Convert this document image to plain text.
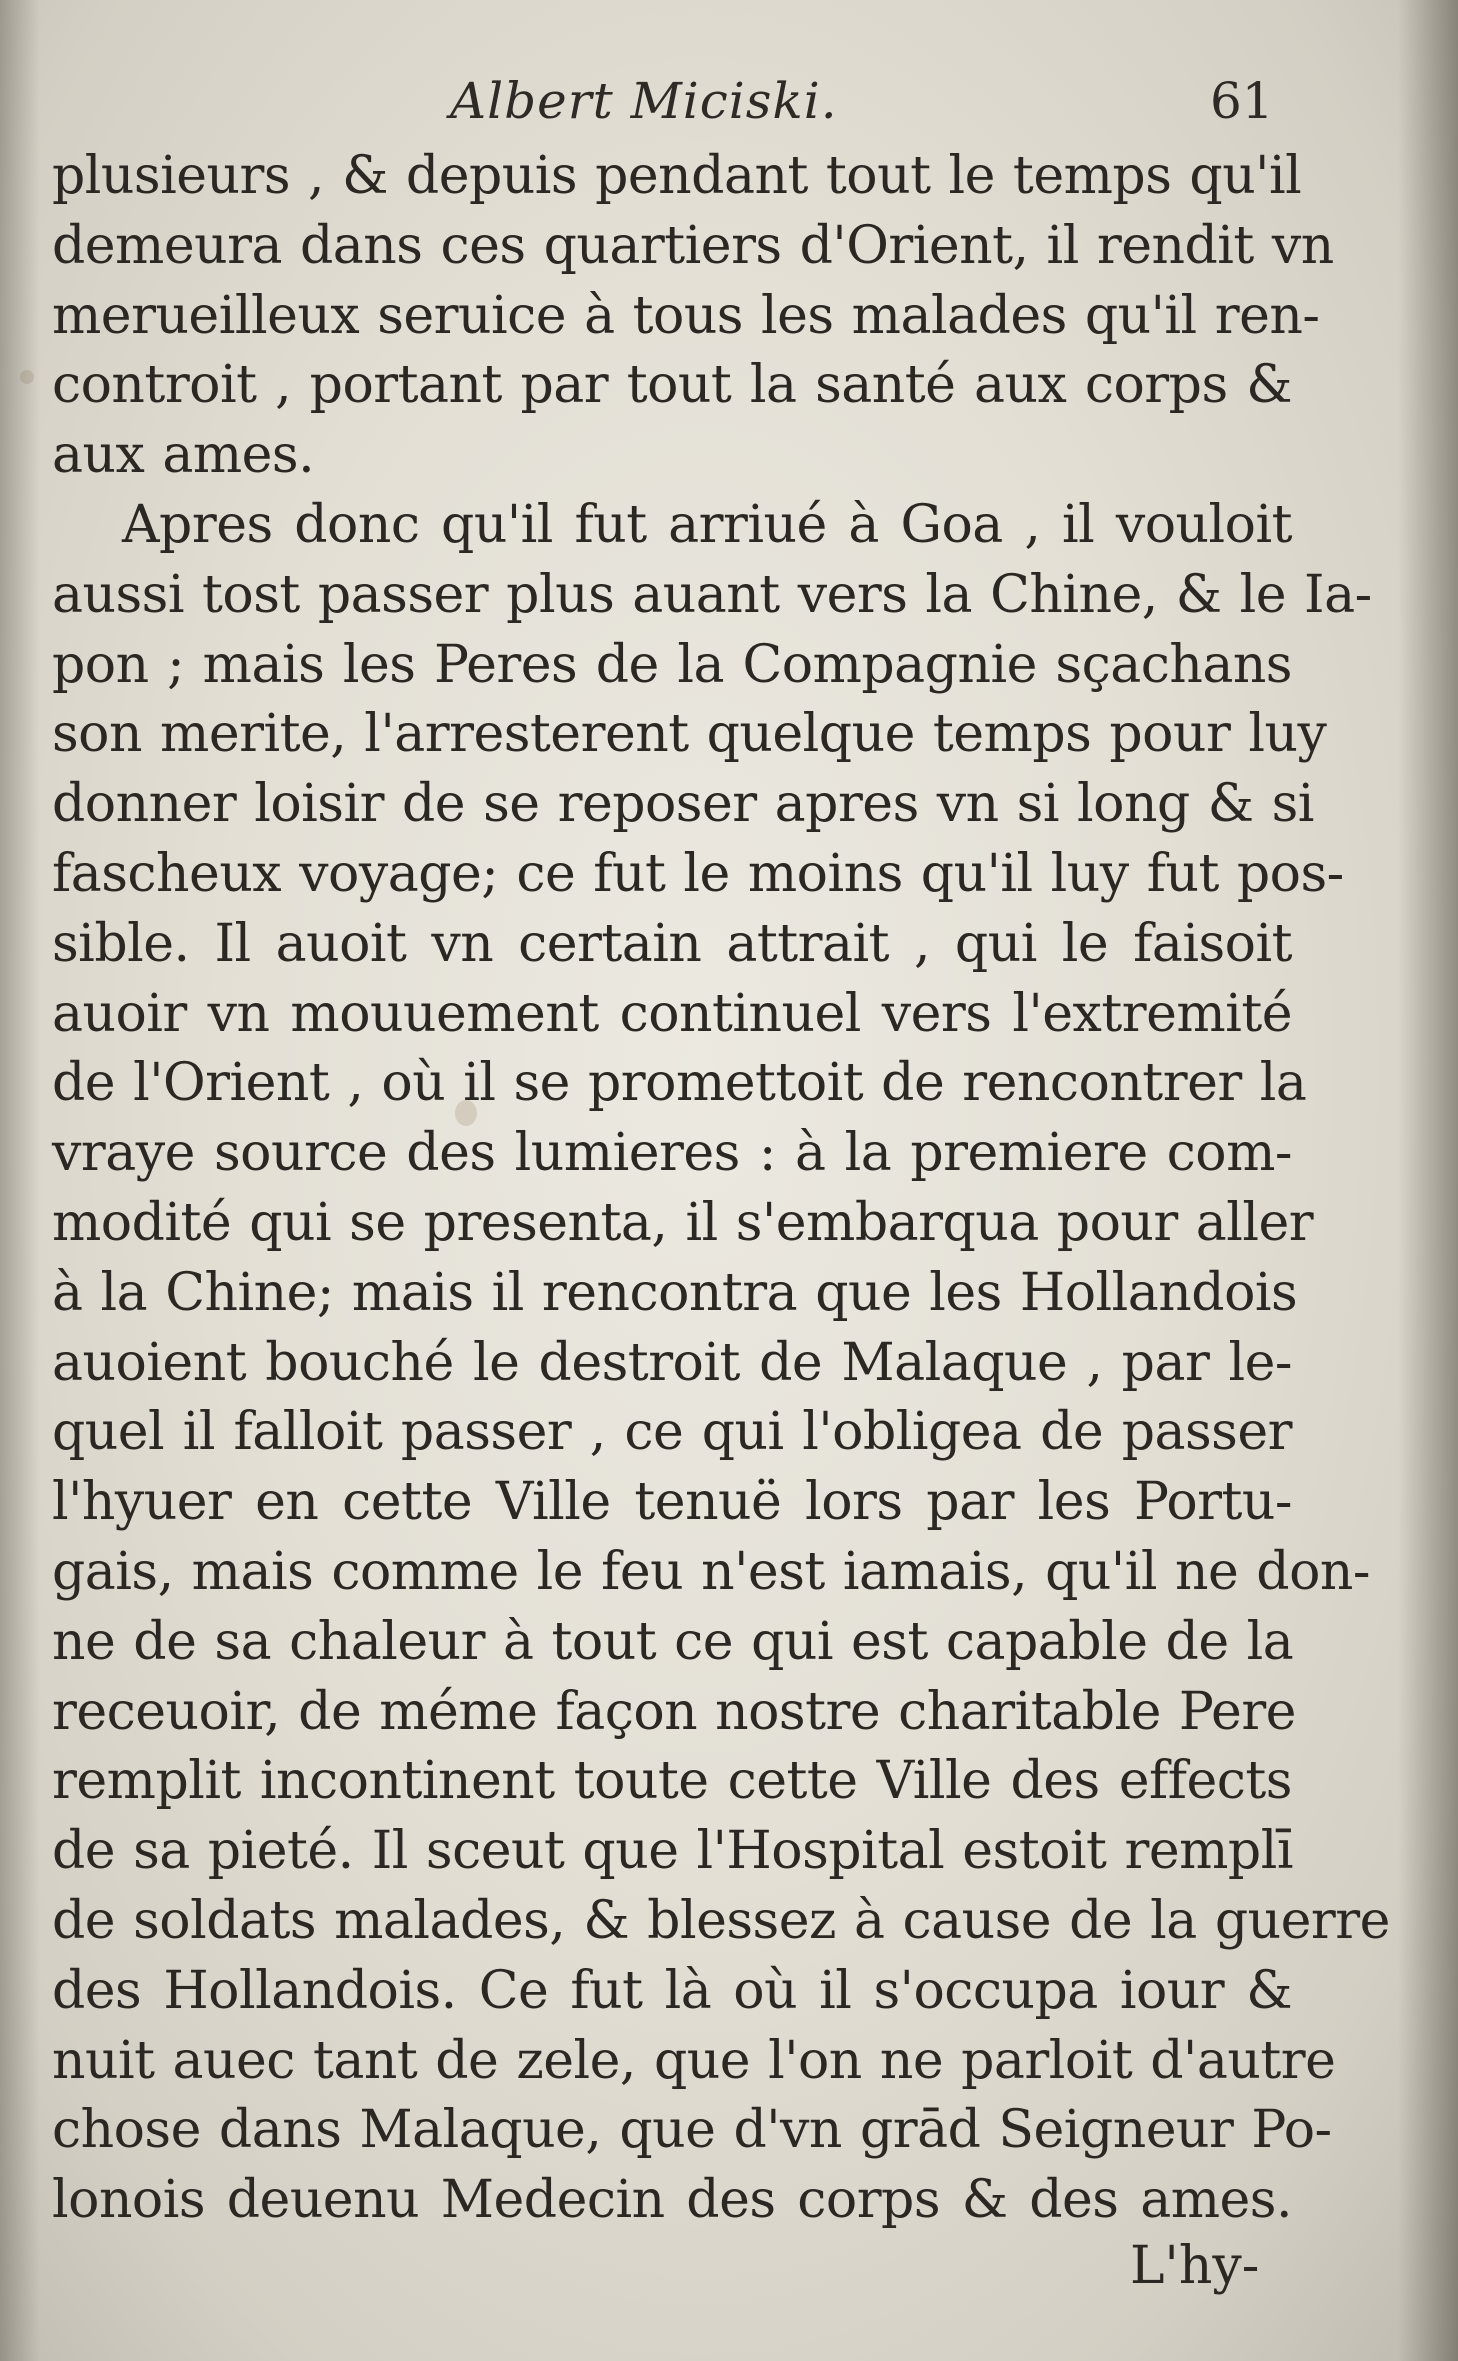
Albert Miciski.	61
plusieurs , & depuis pendant tout le temps qu'il
demeura dans ces quartiers d'Orient, il rendit vn
merueilleux seruice à tous les malades qu'il ren-
controit , portant par tout la santé aux corps &
aux ames.
Apres donc qu'il fut arriué à Goa , il vouloit
aussi tost passer plus auant vers la Chine, & le Ia-
pon ; mais les Peres de la Compagnie sçachans
son merite, l'arresterent quelque temps pour luy
donner loisir de se reposer apres vn si long & si
fascheux voyage; ce fut le moins qu'il luy fut pos-
sible. Il auoit vn certain attrait , qui le faisoit
auoir vn mouuement continuel vers l'extremité
de l'Orient , où il se promettoit de rencontrer la
vraye source des lumieres : à la premiere com-
modité qui se presenta, il s'embarqua pour aller
à la Chine; mais il rencontra que les Hollandois
auoient bouché le destroit de Malaque , par le-
quel il falloit passer , ce qui l'obligea de passer
l'hyuer en cette Ville tenuë lors par les Portu-
gais, mais comme le feu n'est iamais, qu'il ne don-
ne de sa chaleur à tout ce qui est capable de la
receuoir, de méme façon nostre charitable Pere
remplit incontinent toute cette Ville des effects
de sa pieté. Il sceut que l'Hospital estoit remplī
de soldats malades, & blessez à cause de la guerre
des Hollandois. Ce fut là où il s'occupa iour &
nuit auec tant de zele, que l'on ne parloit d'autre
chose dans Malaque, que d'vn grād Seigneur Po-
lonois deuenu Medecin des corps & des ames.
L'hy-
